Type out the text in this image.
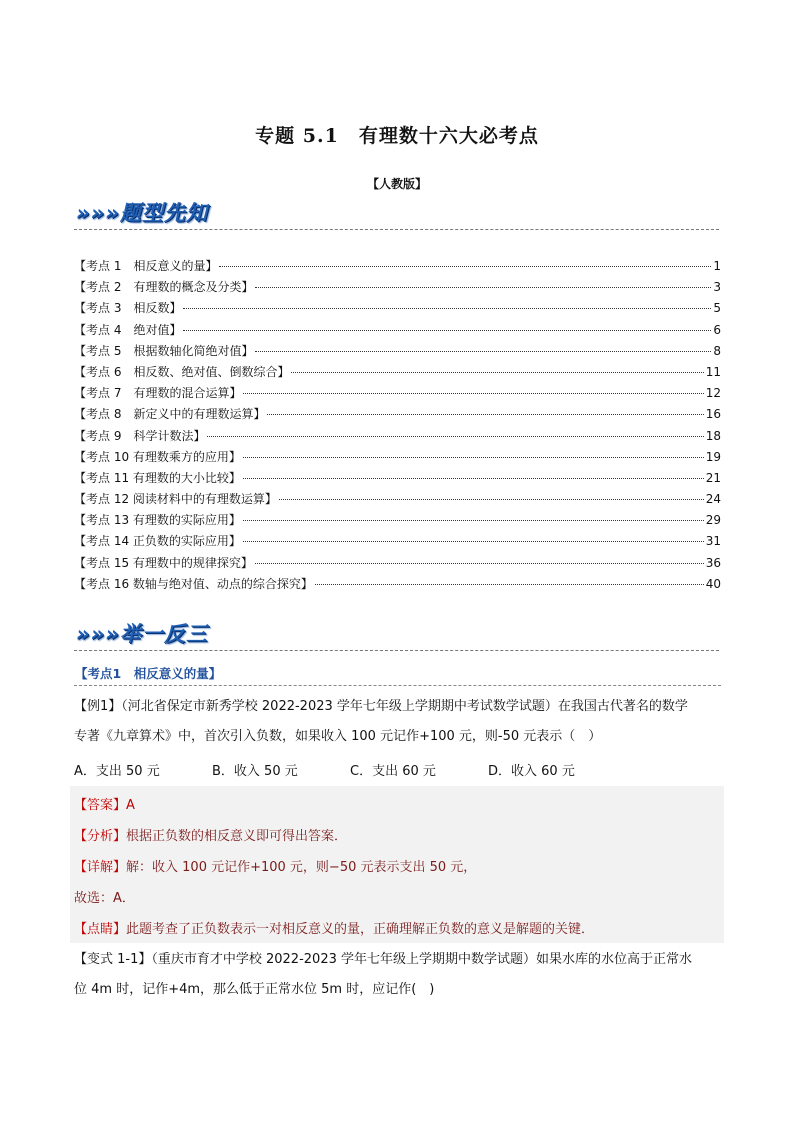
专题 5.1　有理数十六大必考点
【人教版】
»»»题型先知
【考点 1　相反意义的量】	1
【考点 2　有理数的概念及分类】	3
【考点 3　相反数】	5
【考点 4　绝对值】	6
【考点 5　根据数轴化简绝对值】	8
【考点 6　相反数、绝对值、倒数综合】	11
【考点 7　有理数的混合运算】	12
【考点 8　新定义中的有理数运算】	16
【考点 9　科学计数法】	18
【考点 10 有理数乘方的应用】	19
【考点 11 有理数的大小比较】	21
【考点 12 阅读材料中的有理数运算】	24
【考点 13 有理数的实际应用】	29
【考点 14 正负数的实际应用】	31
【考点 15 有理数中的规律探究】	36
【考点 16 数轴与绝对值、动点的综合探究】	40
»»»举一反三
【考点1　相反意义的量】
【例1】（河北省保定市新秀学校 2022-2023 学年七年级上学期期中考试数学试题）在我国古代著名的数学
专著《九章算术》中，首次引入负数，如果收入 100 元记作+100 元，则-50 元表示（　）
A．支出 50 元	B．收入 50 元	C．支出 60 元	D．收入 60 元
【答案】A
【分析】根据正负数的相反意义即可得出答案．
【详解】解：收入 100 元记作+100 元，则−50 元表示支出 50 元，
故选：A．
【点睛】此题考查了正负数表示一对相反意义的量，正确理解正负数的意义是解题的关键．
【变式 1-1】（重庆市育才中学校 2022-2023 学年七年级上学期期中数学试题）如果水库的水位高于正常水
位 4m 时，记作+4m，那么低于正常水位 5m 时，应记作(　)
